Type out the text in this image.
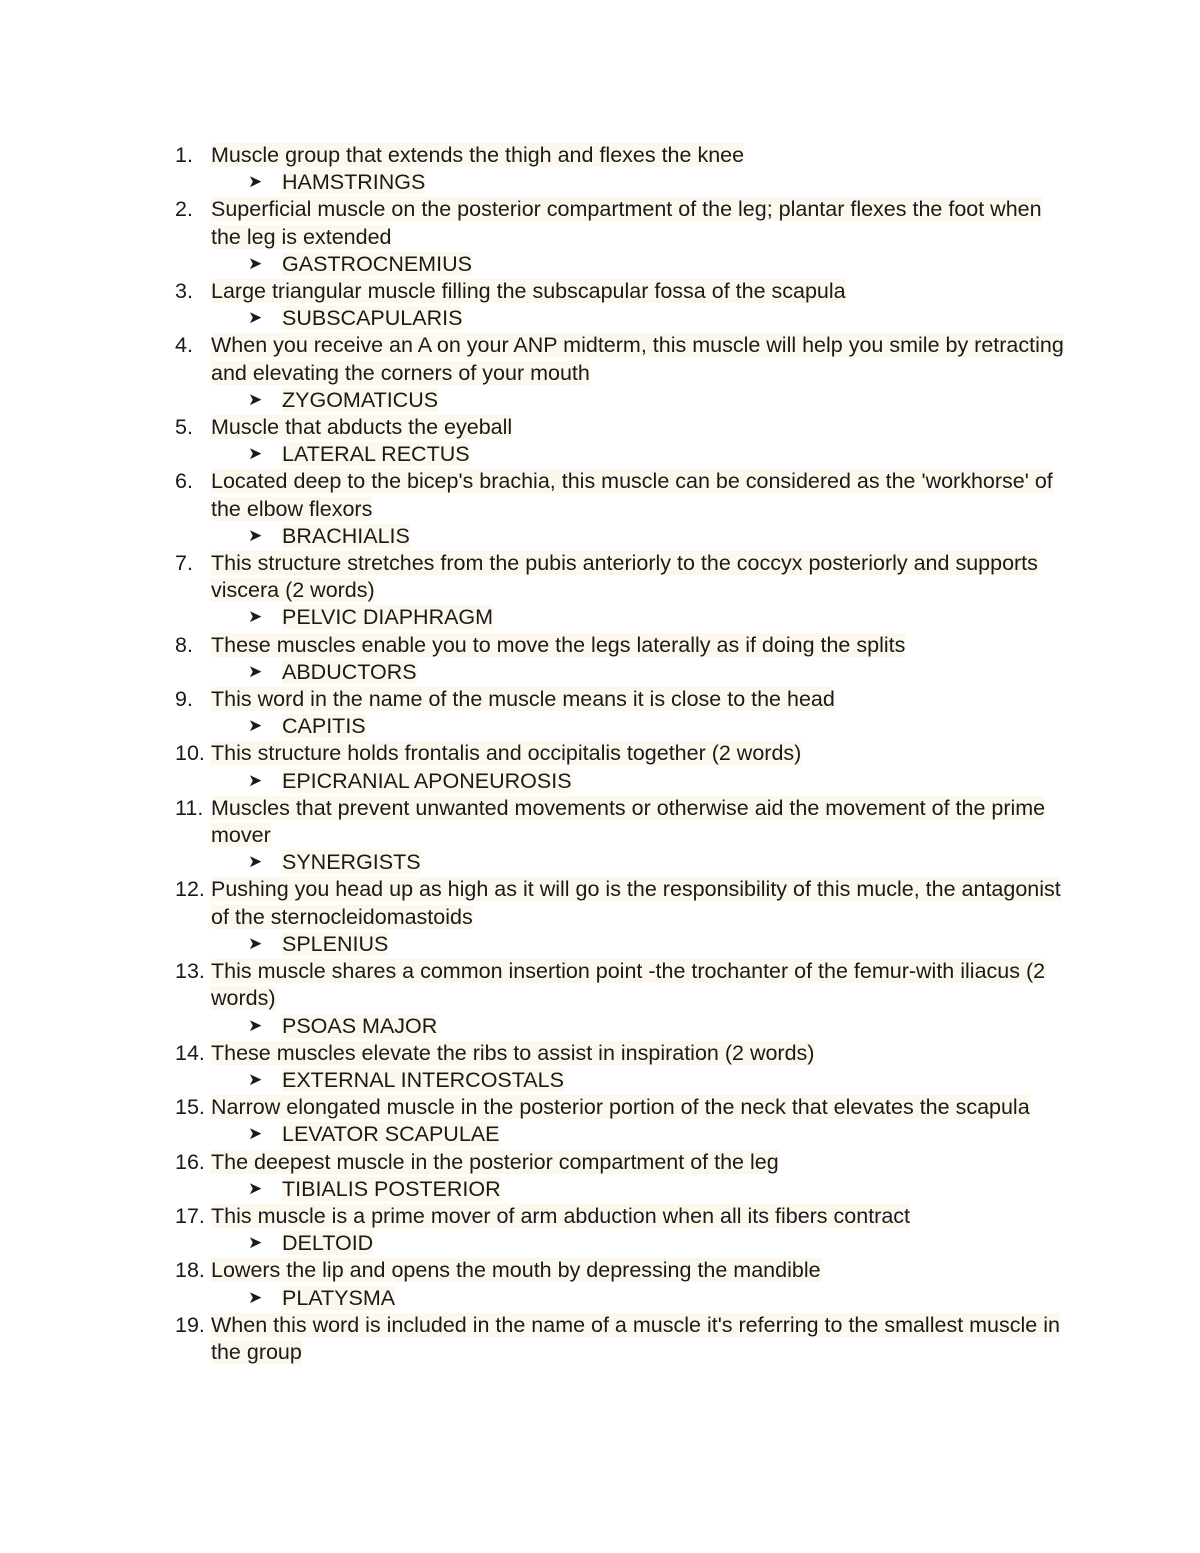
1. Muscle group that extends the thigh and flexes the knee
➤ HAMSTRINGS
2. Superficial muscle on the posterior compartment of the leg; plantar flexes the foot when the leg is extended
➤ GASTROCNEMIUS
3. Large triangular muscle filling the subscapular fossa of the scapula
➤ SUBSCAPULARIS
4. When you receive an A on your ANP midterm, this muscle will help you smile by retracting and elevating the corners of your mouth
➤ ZYGOMATICUS
5. Muscle that abducts the eyeball
➤ LATERAL RECTUS
6. Located deep to the bicep's brachia, this muscle can be considered as the 'workhorse' of the elbow flexors
➤ BRACHIALIS
7. This structure stretches from the pubis anteriorly to the coccyx posteriorly and supports viscera (2 words)
➤ PELVIC DIAPHRAGM
8. These muscles enable you to move the legs laterally as if doing the splits
➤ ABDUCTORS
9. This word in the name of the muscle means it is close to the head
➤ CAPITIS
10. This structure holds frontalis and occipitalis together (2 words)
➤ EPICRANIAL APONEUROSIS
11. Muscles that prevent unwanted movements or otherwise aid the movement of the prime mover
➤ SYNERGISTS
12. Pushing you head up as high as it will go is the responsibility of this mucle, the antagonist of the sternocleidomastoids
➤ SPLENIUS
13. This muscle shares a common insertion point -the trochanter of the femur-with iliacus (2 words)
➤ PSOAS MAJOR
14. These muscles elevate the ribs to assist in inspiration (2 words)
➤ EXTERNAL INTERCOSTALS
15. Narrow elongated muscle in the posterior portion of the neck that elevates the scapula
➤ LEVATOR SCAPULAE
16. The deepest muscle in the posterior compartment of the leg
➤ TIBIALIS POSTERIOR
17. This muscle is a prime mover of arm abduction when all its fibers contract
➤ DELTOID
18. Lowers the lip and opens the mouth by depressing the mandible
➤ PLATYSMA
19. When this word is included in the name of a muscle it's referring to the smallest muscle in the group
